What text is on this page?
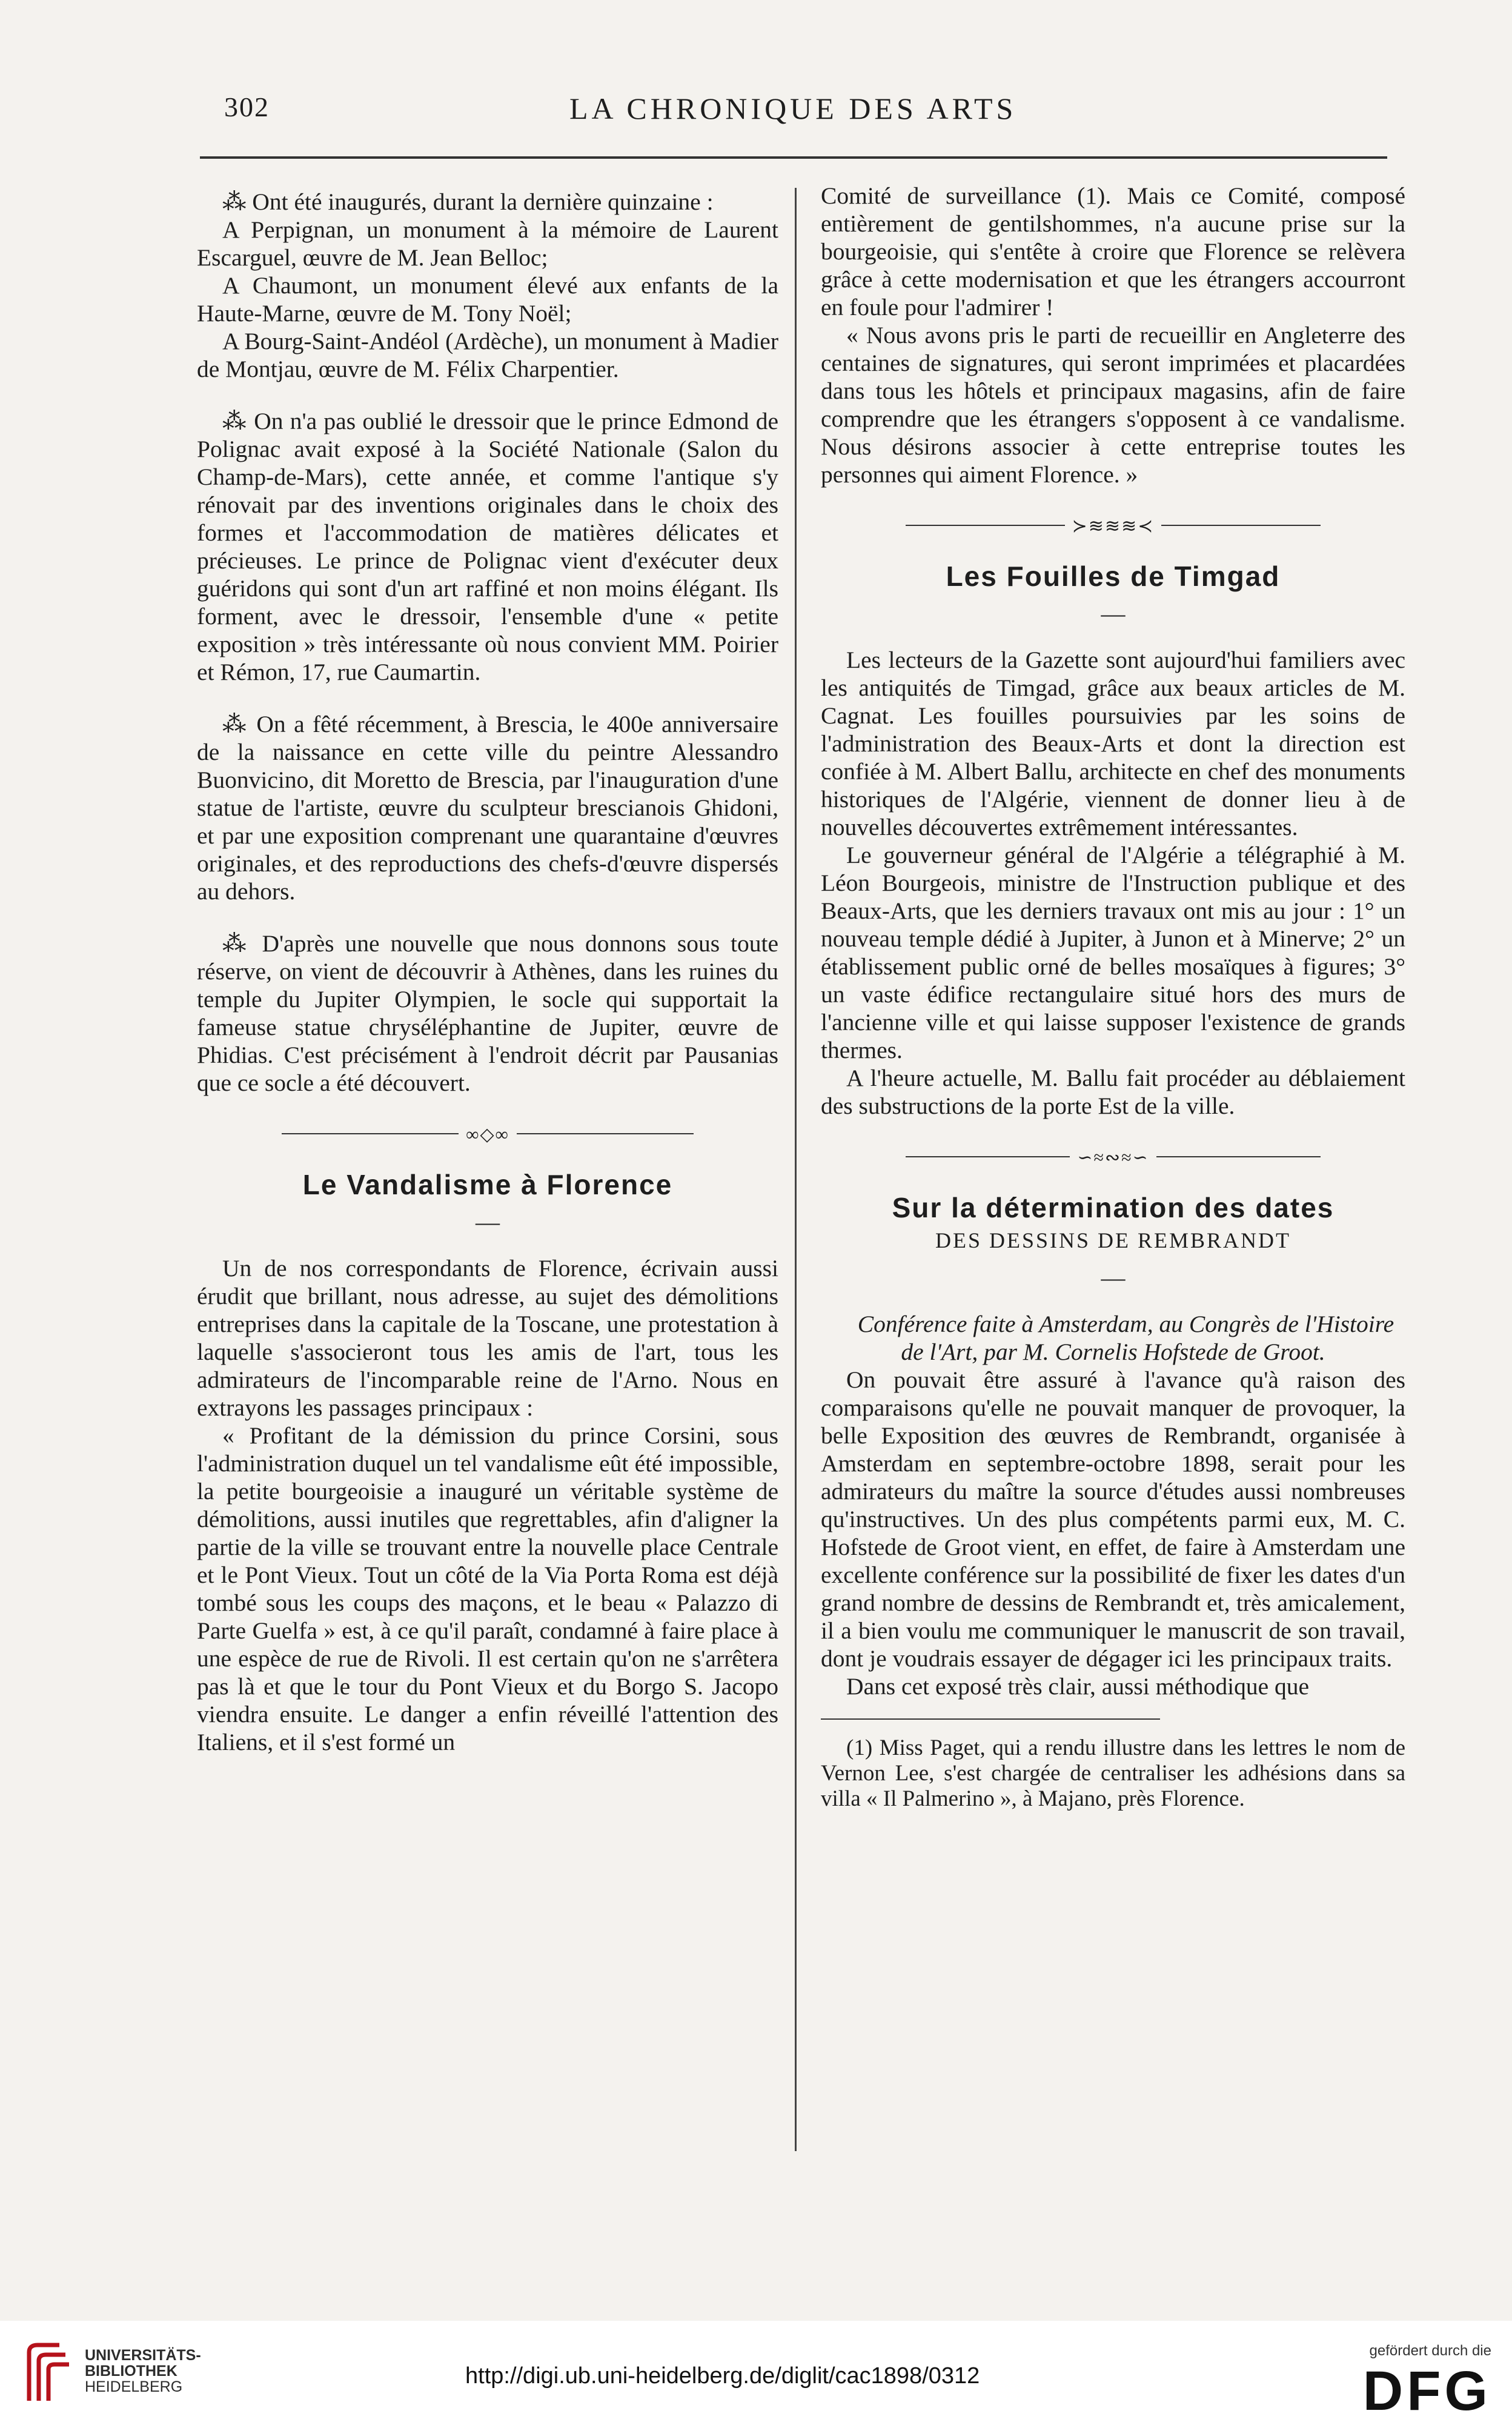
302	LA CHRONIQUE DES ARTS

⁂ Ont été inaugurés, durant la dernière quinzaine :

A Perpignan, un monument à la mémoire de Laurent Escarguel, œuvre de M. Jean Belloc;

A Chaumont, un monument élevé aux enfants de la Haute-Marne, œuvre de M. Tony Noël;

A Bourg-Saint-Andéol (Ardèche), un monument à Madier de Montjau, œuvre de M. Félix Charpentier.

⁂ On n'a pas oublié le dressoir que le prince Edmond de Polignac avait exposé à la Société Nationale (Salon du Champ-de-Mars), cette année, et comme l'antique s'y rénovait par des inventions originales dans le choix des formes et l'accommodation de matières délicates et précieuses. Le prince de Polignac vient d'exécuter deux guéridons qui sont d'un art raffiné et non moins élégant. Ils forment, avec le dressoir, l'ensemble d'une « petite exposition » très intéressante où nous convient MM. Poirier et Rémon, 17, rue Caumartin.

⁂ On a fêté récemment, à Brescia, le 400e anniversaire de la naissance en cette ville du peintre Alessandro Buonvicino, dit Moretto de Brescia, par l'inauguration d'une statue de l'artiste, œuvre du sculpteur brescianois Ghidoni, et par une exposition comprenant une quarantaine d'œuvres originales, et des reproductions des chefs-d'œuvre dispersés au dehors.

⁂ D'après une nouvelle que nous donnons sous toute réserve, on vient de découvrir à Athènes, dans les ruines du temple du Jupiter Olympien, le socle qui supportait la fameuse statue chryséléphantine de Jupiter, œuvre de Phidias. C'est précisément à l'endroit décrit par Pausanias que ce socle a été découvert.

∞◇∞
Le Vandalisme à Florence
—

Un de nos correspondants de Florence, écrivain aussi érudit que brillant, nous adresse, au sujet des démolitions entreprises dans la capitale de la Toscane, une protestation à laquelle s'associeront tous les amis de l'art, tous les admirateurs de l'incomparable reine de l'Arno. Nous en extrayons les passages principaux :

« Profitant de la démission du prince Corsini, sous l'administration duquel un tel vandalisme eût été impossible, la petite bourgeoisie a inauguré un véritable système de démolitions, aussi inutiles que regrettables, afin d'aligner la partie de la ville se trouvant entre la nouvelle place Centrale et le Pont Vieux. Tout un côté de la Via Porta Roma est déjà tombé sous les coups des maçons, et le beau « Palazzo di Parte Guelfa » est, à ce qu'il paraît, condamné à faire place à une espèce de rue de Rivoli. Il est certain qu'on ne s'arrêtera pas là et que le tour du Pont Vieux et du Borgo S. Jacopo viendra ensuite. Le danger a enfin réveillé l'attention des Italiens, et il s'est formé un

Comité de surveillance (1). Mais ce Comité, composé entièrement de gentilshommes, n'a aucune prise sur la bourgeoisie, qui s'entête à croire que Florence se relèvera grâce à cette modernisation et que les étrangers accourront en foule pour l'admirer !

« Nous avons pris le parti de recueillir en Angleterre des centaines de signatures, qui seront imprimées et placardées dans tous les hôtels et principaux magasins, afin de faire comprendre que les étrangers s'opposent à ce vandalisme. Nous désirons associer à cette entreprise toutes les personnes qui aiment Florence. »

≻≋≋≋≺
Les Fouilles de Timgad
—

Les lecteurs de la Gazette sont aujourd'hui familiers avec les antiquités de Timgad, grâce aux beaux articles de M. Cagnat. Les fouilles poursuivies par les soins de l'administration des Beaux-Arts et dont la direction est confiée à M. Albert Ballu, architecte en chef des monuments historiques de l'Algérie, viennent de donner lieu à de nouvelles découvertes extrêmement intéressantes.

Le gouverneur général de l'Algérie a télégraphié à M. Léon Bourgeois, ministre de l'Instruction publique et des Beaux-Arts, que les derniers travaux ont mis au jour : 1° un nouveau temple dédié à Jupiter, à Junon et à Minerve; 2° un établissement public orné de belles mosaïques à figures; 3° un vaste édifice rectangulaire situé hors des murs de l'ancienne ville et qui laisse supposer l'existence de grands thermes.

A l'heure actuelle, M. Ballu fait procéder au déblaiement des substructions de la porte Est de la ville.

∽≈∾≈∽
Sur la détermination des dates
DES DESSINS DE REMBRANDT
—

Conférence faite à Amsterdam, au Congrès de l'Histoire de l'Art, par M. Cornelis Hofstede de Groot.

On pouvait être assuré à l'avance qu'à raison des comparaisons qu'elle ne pouvait manquer de provoquer, la belle Exposition des œuvres de Rembrandt, organisée à Amsterdam en septembre-octobre 1898, serait pour les admirateurs du maître la source d'études aussi nombreuses qu'instructives. Un des plus compétents parmi eux, M. C. Hofstede de Groot vient, en effet, de faire à Amsterdam une excellente conférence sur la possibilité de fixer les dates d'un grand nombre de dessins de Rembrandt et, très amicalement, il a bien voulu me communiquer le manuscrit de son travail, dont je voudrais essayer de dégager ici les principaux traits.

Dans cet exposé très clair, aussi méthodique que

(1) Miss Paget, qui a rendu illustre dans les lettres le nom de Vernon Lee, s'est chargée de centraliser les adhésions dans sa villa « Il Palmerino », à Majano, près Florence.

UNIVERSITÄTS-
BIBLIOTHEK
HEIDELBERG	http://digi.ub.uni-heidelberg.de/diglit/cac1898/0312
gefördert durch die
DFG
